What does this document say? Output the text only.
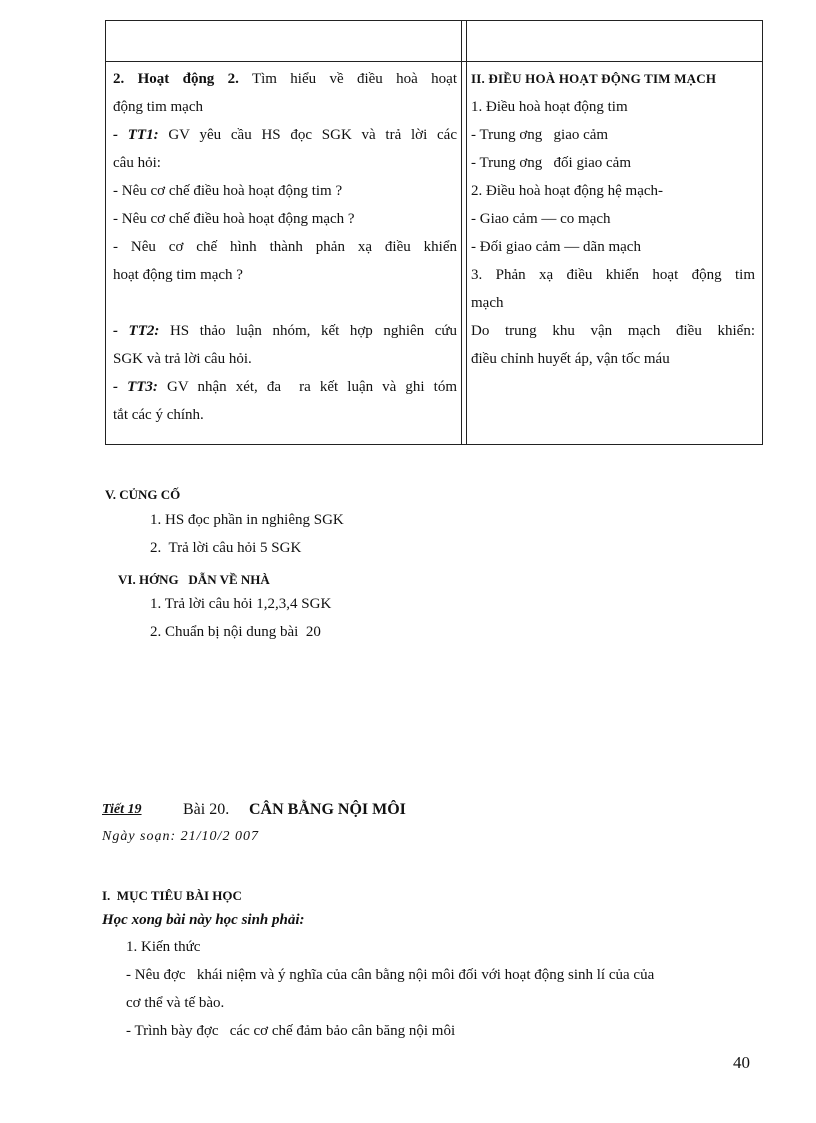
2. Hoạt động 2. Tìm hiểu về điều hoà hoạt
động tim mạch
- TT1: GV yêu cầu HS đọc SGK và trả lời các
câu hỏi:
- Nêu cơ chế điều hoà hoạt động tim ?
- Nêu cơ chế điều hoà hoạt động mạch ?
- Nêu cơ chế hình thành phản xạ điều khiển
hoạt động tim mạch ?

- TT2: HS thảo luận nhóm, kết hợp nghiên cứu
SGK và trả lời câu hỏi.
- TT3: GV nhận xét, đa  ra kết luận và ghi tóm
tắt các ý chính.
II. ĐIỀU HOÀ HOẠT ĐỘNG TIM MẠCH
1. Điều hoà hoạt động tim
- Trung ơng   giao cảm
- Trung ơng   đối giao cảm
2. Điều hoà hoạt động hệ mạch-
- Giao cảm — co mạch
- Đối giao cảm — dãn mạch
3. Phản xạ điều khiển hoạt động tim
mạch
Do trung khu vận mạch điều khiển:
điều chỉnh huyết áp, vận tốc máu
V. CỦNG CỐ
1. HS đọc phần in nghiêng SGK
2.  Trả lời câu hỏi 5 SGK
VI. HỚNG   DẪN VỀ NHÀ
1. Trả lời câu hỏi 1,2,3,4 SGK
2. Chuẩn bị nội dung bài  20
Tiết 19	Bài 20. CÂN BẰNG NỘI MÔI
Ngày soạn: 21/10/2 007
I.  MỤC TIÊU BÀI HỌC
Học xong bài này học sinh phải:
1. Kiến thức
- Nêu đợc   khái niệm và ý nghĩa của cân bằng nội môi đối với hoạt động sinh lí của của
cơ thể và tế bào.
- Trình bày đợc   các cơ chế đảm bảo cân băng nội môi
40
